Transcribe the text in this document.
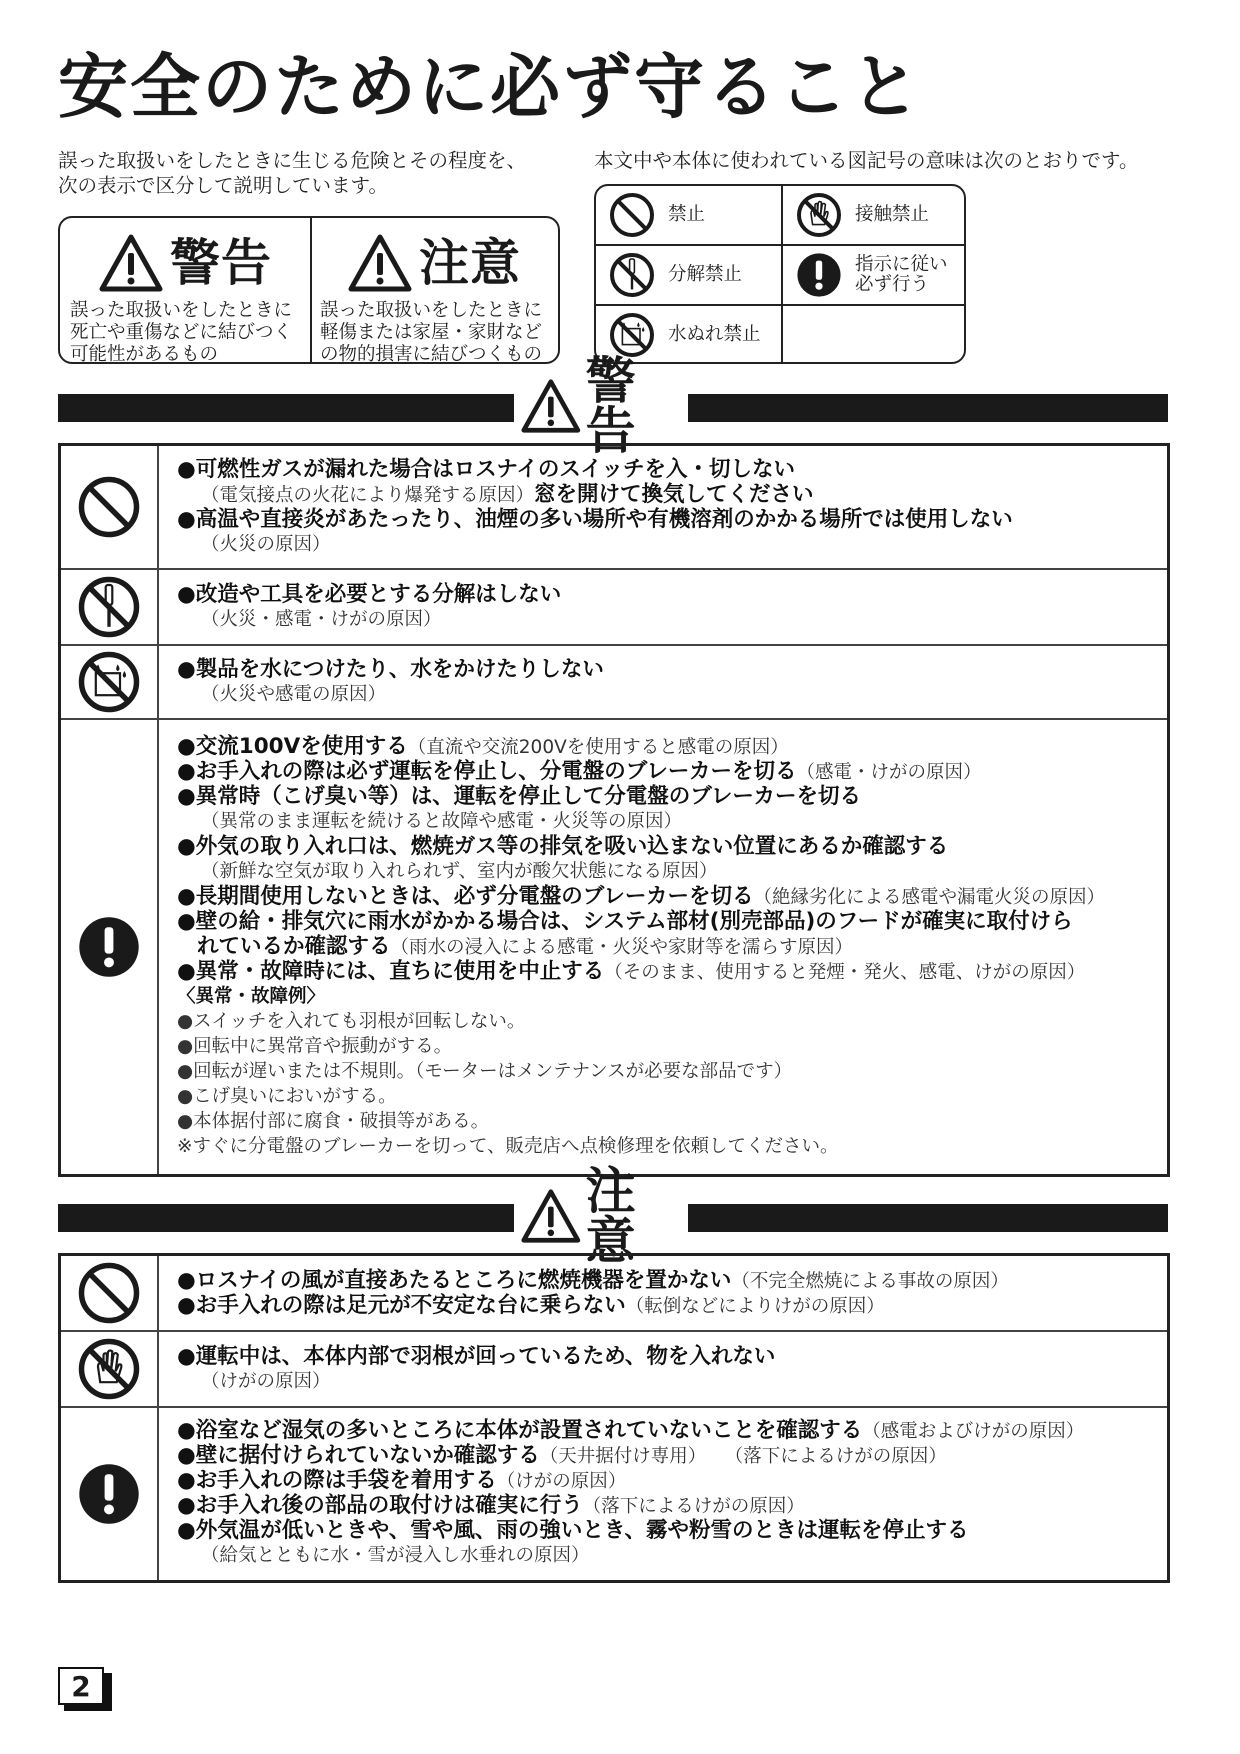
安全のために必ず守ること
誤った取扱いをしたときに生じる危険とその程度を、
次の表示で区分して説明しています。
本文中や本体に使われている図記号の意味は次のとおりです。
警告
誤った取扱いをしたときに
死亡や重傷などに結びつく
可能性があるもの
注意
誤った取扱いをしたときに
軽傷または家屋・家財など
の物的損害に結びつくもの
禁止	接触禁止
分解禁止	指示に従い
必ず行う
水ぬれ禁止
警告
●可燃性ガスが漏れた場合はロスナイのスイッチを入・切しない
（電気接点の火花により爆発する原因）窓を開けて換気してください
●高温や直接炎があたったり、油煙の多い場所や有機溶剤のかかる場所では使用しない
（火災の原因）
●改造や工具を必要とする分解はしない
（火災・感電・けがの原因）
●製品を水につけたり、水をかけたりしない
（火災や感電の原因）
●交流100Vを使用する（直流や交流200Vを使用すると感電の原因）
●お手入れの際は必ず運転を停止し、分電盤のブレーカーを切る（感電・けがの原因）
●異常時（こげ臭い等）は、運転を停止して分電盤のブレーカーを切る
（異常のまま運転を続けると故障や感電・火災等の原因）
●外気の取り入れ口は、燃焼ガス等の排気を吸い込まない位置にあるか確認する
（新鮮な空気が取り入れられず、室内が酸欠状態になる原因）
●長期間使用しないときは、必ず分電盤のブレーカーを切る（絶縁劣化による感電や漏電火災の原因）
●壁の給・排気穴に雨水がかかる場合は、システム部材(別売部品)のフードが確実に取付けら
れているか確認する（雨水の浸入による感電・火災や家財等を濡らす原因）
●異常・故障時には、直ちに使用を中止する（そのまま、使用すると発煙・発火、感電、けがの原因）
〈異常・故障例〉
●スイッチを入れても羽根が回転しない。
●回転中に異常音や振動がする。
●回転が遅いまたは不規則。（モーターはメンテナンスが必要な部品です）
●こげ臭いにおいがする。
●本体据付部に腐食・破損等がある。
※すぐに分電盤のブレーカーを切って、販売店へ点検修理を依頼してください。
注意
●ロスナイの風が直接あたるところに燃焼機器を置かない（不完全燃焼による事故の原因）
●お手入れの際は足元が不安定な台に乗らない（転倒などによりけがの原因）
●運転中は、本体内部で羽根が回っているため、物を入れない
（けがの原因）
●浴室など湿気の多いところに本体が設置されていないことを確認する（感電およびけがの原因）
●壁に据付けられていないか確認する（天井据付け専用）　　（落下によるけがの原因）
●お手入れの際は手袋を着用する（けがの原因）
●お手入れ後の部品の取付けは確実に行う（落下によるけがの原因）
●外気温が低いときや、雪や風、雨の強いとき、霧や粉雪のときは運転を停止する
（給気とともに水・雪が浸入し水垂れの原因）
2
